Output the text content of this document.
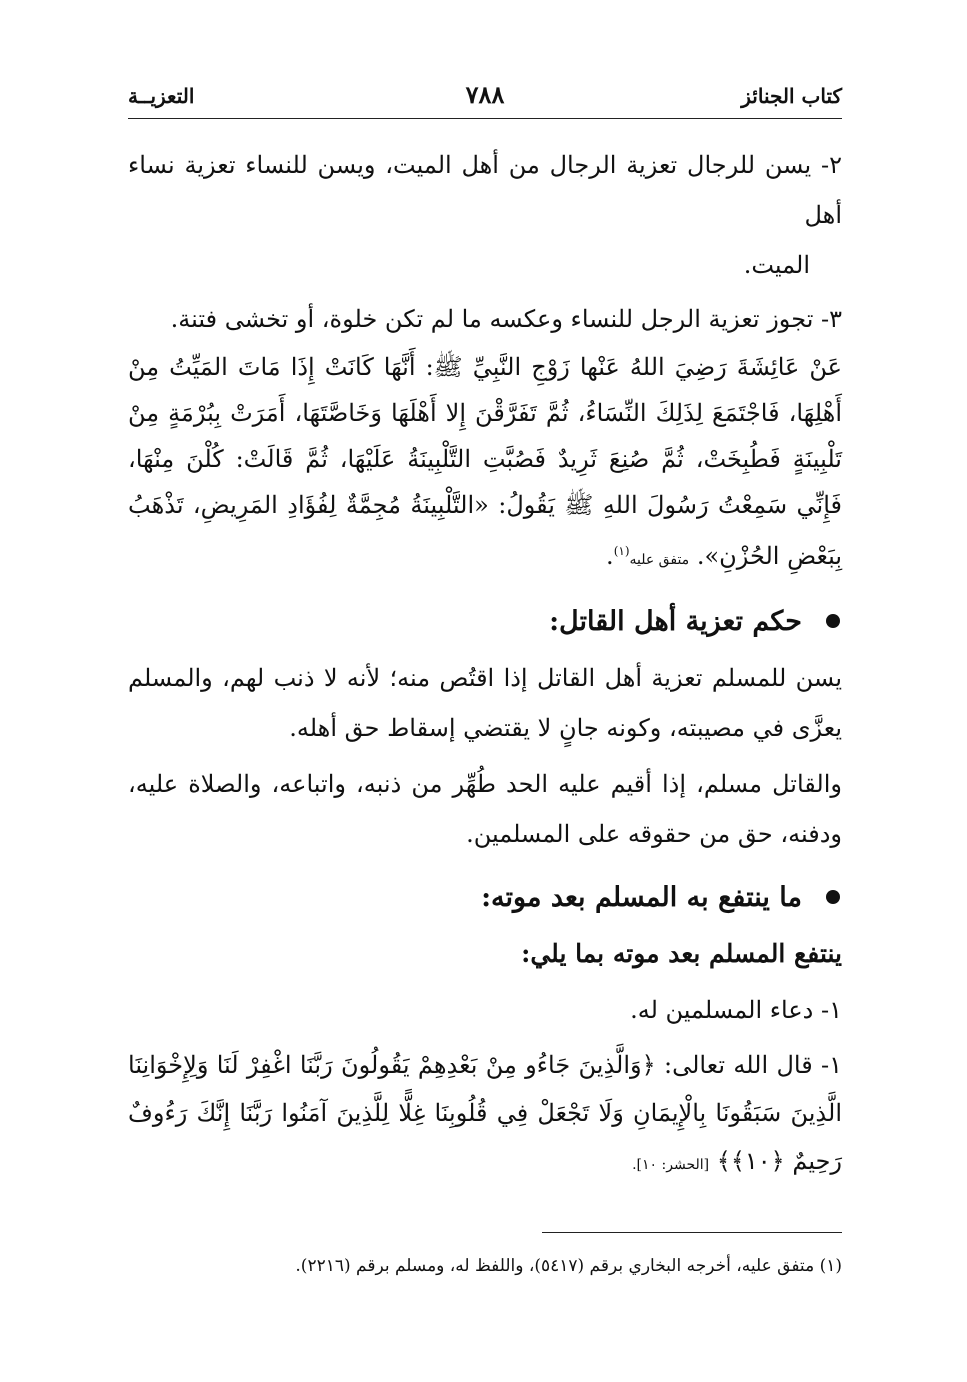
كتاب الجنائز
٧٨٨
التعزيــة

٢- يسن للرجال تعزية الرجال من أهل الميت، ويسن للنساء تعزية نساء أهل
الميت.

٣- تجوز تعزية الرجل للنساء وعكسه ما لم تكن خلوة، أو تخشى فتنة.

عَنْ عَائِشَةَ رَضِيَ اللهُ عَنْها زَوْجِ النَّبِيِّ ﷺ: أَنَّهَا كَانَتْ إِذَا مَاتَ المَيِّتُ مِنْ أَهْلِهَا، فَاجْتَمَعَ لِذَلِكَ النِّسَاءُ، ثُمَّ تَفَرَّقْنَ إِلا أَهْلَهَا وَخَاصَّتَهَا، أَمَرَتْ بِبُرْمَةٍ مِنْ تَلْبِينَةٍ فَطُبِخَتْ، ثُمَّ صُنِعَ ثَرِيدٌ فَصُبَّتِ التَّلْبِينَةُ عَلَيْهَا، ثُمَّ قَالَتْ: كُلْنَ مِنْهَا، فَإِنِّي سَمِعْتُ رَسُولَ اللهِ ﷺ يَقُولُ: «التَّلْبِينَةُ مُجِمَّةٌ لِفُؤَادِ المَرِيضِ، تَذْهَبُ بِبَعْضِ الحُزْنِ». متفق عليه$^{(١)}$.

حكم تعزية أهل القاتل:

يسن للمسلم تعزية أهل القاتل إذا اقتُص منه؛ لأنه لا ذنب لهم، والمسلم يعزَّى في مصيبته، وكونه جانٍ لا يقتضي إسقاط حق أهله.

والقاتل مسلم، إذا أقيم عليه الحد طُهِّر من ذنبه، واتباعه، والصلاة عليه، ودفنه، حق من حقوقه على المسلمين.

ما ينتفع به المسلم بعد موته:

ينتفع المسلم بعد موته بما يلي:

١- دعاء المسلمين له.

١- قال الله تعالى: ﴿وَالَّذِينَ جَاءُو مِنْ بَعْدِهِمْ يَقُولُونَ رَبَّنَا اغْفِرْ لَنَا وَلِإِخْوَانِنَا الَّذِينَ سَبَقُونَا بِالْإِيمَانِ وَلَا تَجْعَلْ فِي قُلُوبِنَا غِلًّا لِلَّذِينَ آمَنُوا رَبَّنَا إِنَّكَ رَءُوفٌ رَحِيمٌ ﴿١٠﴾﴾ [الحشر: ١٠].

(١) متفق عليه، أخرجه البخاري برقم (٥٤١٧)، واللفظ له، ومسلم برقم (٢٢١٦).
